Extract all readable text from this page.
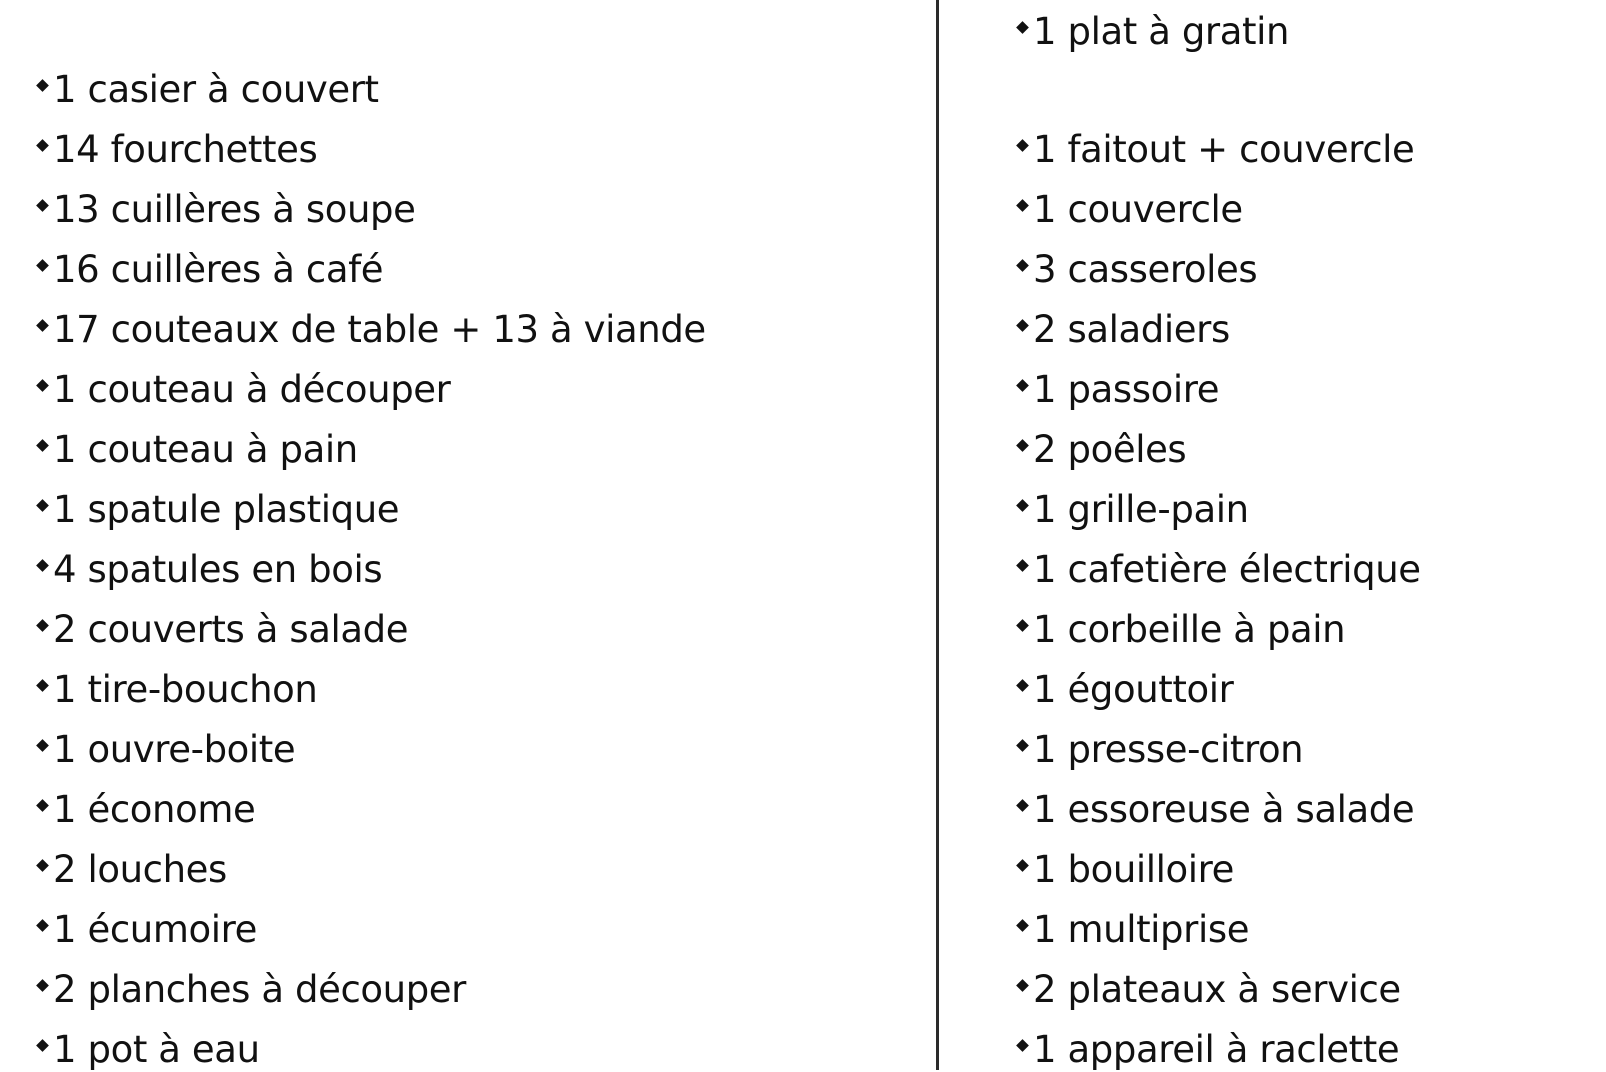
1 casier à couvert
14 fourchettes
13 cuillères à soupe
16 cuillères à café
17 couteaux de table + 13 à viande
1 couteau à découper
1 couteau à pain
1 spatule plastique
4 spatules en bois
2 couverts à salade
1 tire-bouchon
1 ouvre-boite
1 économe
2 louches
1 écumoire
2 planches à découper
1 pot à eau
1 plat à gratin
1 faitout + couvercle
1 couvercle
3 casseroles
2 saladiers
1 passoire
2 poêles
1 grille-pain
1 cafetière électrique
1 corbeille à pain
1 égouttoir
1 presse-citron
1 essoreuse à salade
1 bouilloire
1 multiprise
2 plateaux à service
1 appareil à raclette
